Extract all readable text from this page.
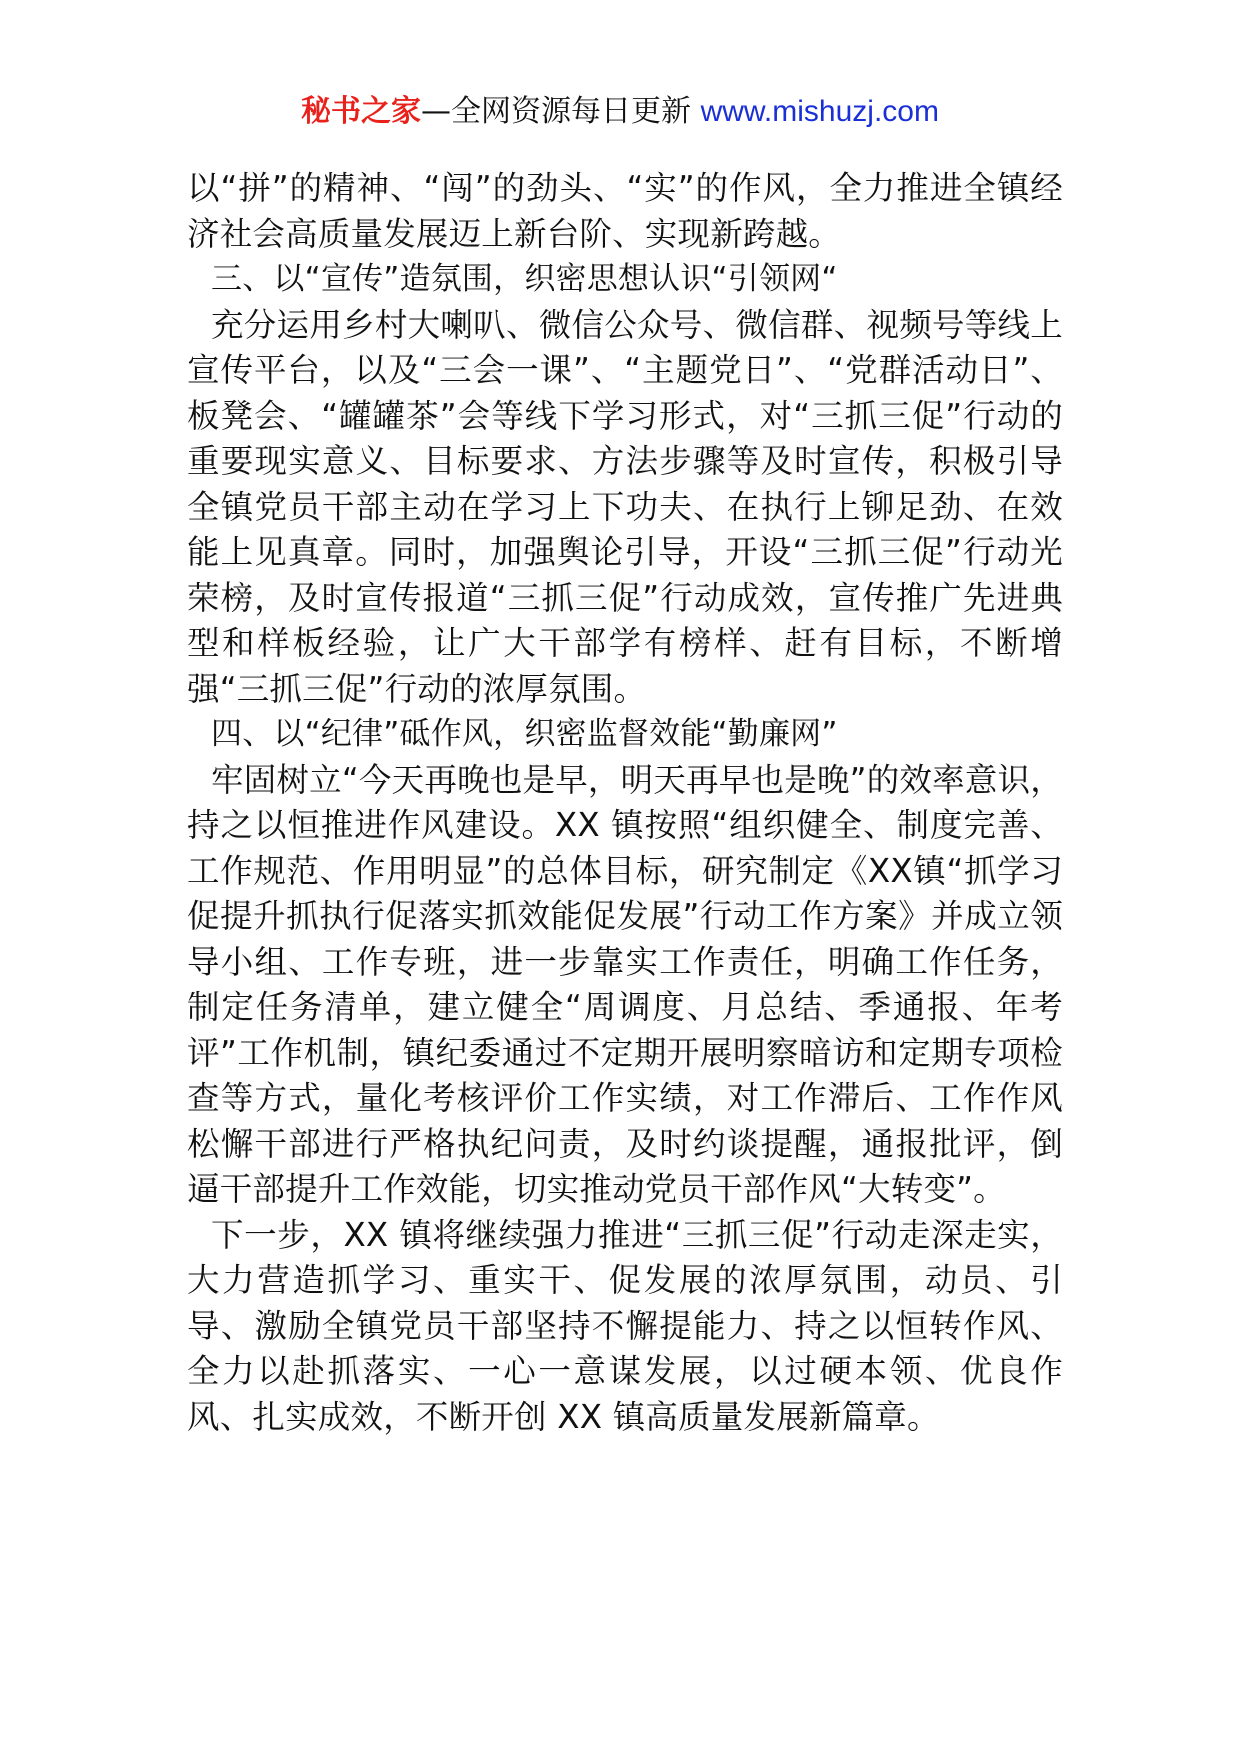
秘书之家—全网资源每日更新 www.mishuzj.com

以“拼”的精神、“闯”的劲头、“实”的作风，全力推进全镇经济社会高质量发展迈上新台阶、实现新跨越。

三、以“宣传”造氛围，织密思想认识“引领网“

充分运用乡村大喇叭、微信公众号、微信群、视频号等线上宣传平台，以及“三会一课”、“主题党日”、“党群活动日”、板凳会、“罐罐茶”会等线下学习形式，对“三抓三促”行动的重要现实意义、目标要求、方法步骤等及时宣传，积极引导全镇党员干部主动在学习上下功夫、在执行上铆足劲、在效能上见真章。同时，加强舆论引导，开设“三抓三促”行动光荣榜，及时宣传报道“三抓三促”行动成效，宣传推广先进典型和样板经验，让广大干部学有榜样、赶有目标，不断增强“三抓三促”行动的浓厚氛围。

四、以“纪律”砥作风，织密监督效能“勤廉网”

牢固树立“今天再晚也是早，明天再早也是晚”的效率意识，持之以恒推进作风建设。XX 镇按照“组织健全、制度完善、工作规范、作用明显”的总体目标，研究制定《XX镇“抓学习促提升抓执行促落实抓效能促发展”行动工作方案》并成立领导小组、工作专班，进一步靠实工作责任，明确工作任务，制定任务清单，建立健全“周调度、月总结、季通报、年考评”工作机制，镇纪委通过不定期开展明察暗访和定期专项检查等方式，量化考核评价工作实绩，对工作滞后、工作作风松懈干部进行严格执纪问责，及时约谈提醒，通报批评，倒逼干部提升工作效能，切实推动党员干部作风“大转变”。

下一步，XX 镇将继续强力推进“三抓三促”行动走深走实，大力营造抓学习、重实干、促发展的浓厚氛围，动员、引导、激励全镇党员干部坚持不懈提能力、持之以恒转作风、全力以赴抓落实、一心一意谋发展，以过硬本领、优良作风、扎实成效，不断开创 XX 镇高质量发展新篇章。
